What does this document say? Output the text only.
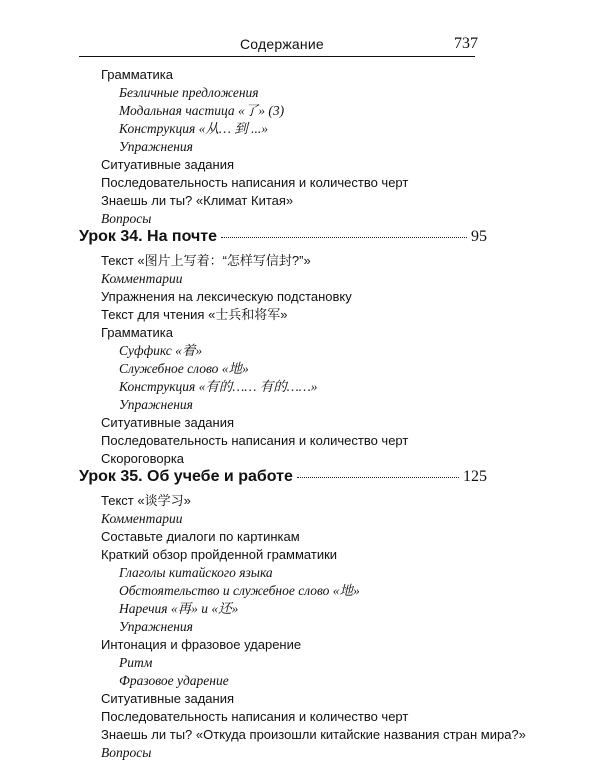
Содержание	737
Грамматика
Безличные предложения
Модальная частица «了» (3)
Конструкция «从… 到 ...»
Упражнения
Ситуативные задания
Последовательность написания и количество черт
Знаешь ли ты? «Климат Китая»
Вопросы
Урок 34. На почте	95
Текст «图片上写着：“怎样写信封?”»
Комментарии
Упражнения на лексическую подстановку
Текст для чтения «士兵和将军»
Грамматика
Суффикс «着»
Служебное слово «地»
Конструкция «有的…… 有的……»
Упражнения
Ситуативные задания
Последовательность написания и количество черт
Скороговорка
Урок 35. Об учебе и работе	125
Текст «谈学习»
Комментарии
Составьте диалоги по картинкам
Краткий обзор пройденной грамматики
Глаголы китайского языка
Обстоятельство и служебное слово «地»
Наречия «再» и «还»
Упражнения
Интонация и фразовое ударение
Ритм
Фразовое ударение
Ситуативные задания
Последовательность написания и количество черт
Знаешь ли ты? «Откуда произошли китайские названия стран мира?»
Вопросы
